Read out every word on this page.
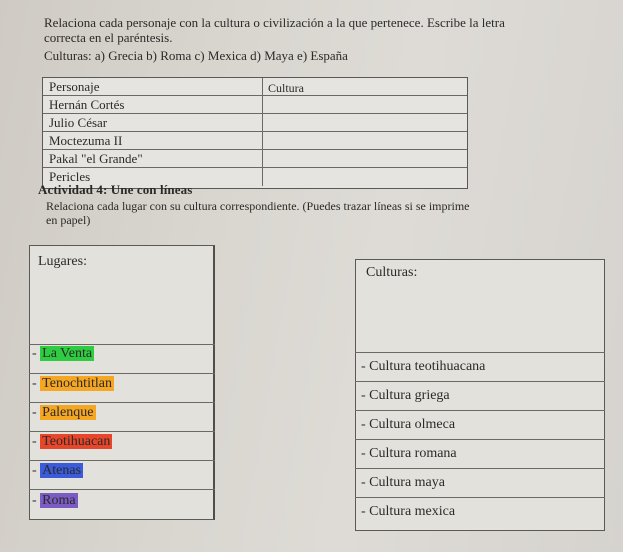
Relaciona cada personaje con la cultura o civilización a la que pertenece. Escribe la letra
correcta en el paréntesis.
Culturas: a) Grecia b) Roma c) Mexica d) Maya e) España
Personaje	Cultura
Hernán Cortés
Julio César
Moctezuma II
Pakal "el Grande"
Pericles
Actividad 4: Une con líneas
Relaciona cada lugar con su cultura correspondiente. (Puedes trazar líneas si se imprime
en papel)
Lugares:
- La Venta
- Tenochtitlan
- Palenque
- Teotihuacan
- Atenas
- Roma
Culturas:
- Cultura teotihuacana
- Cultura griega
- Cultura olmeca
- Cultura romana
- Cultura maya
- Cultura mexica
